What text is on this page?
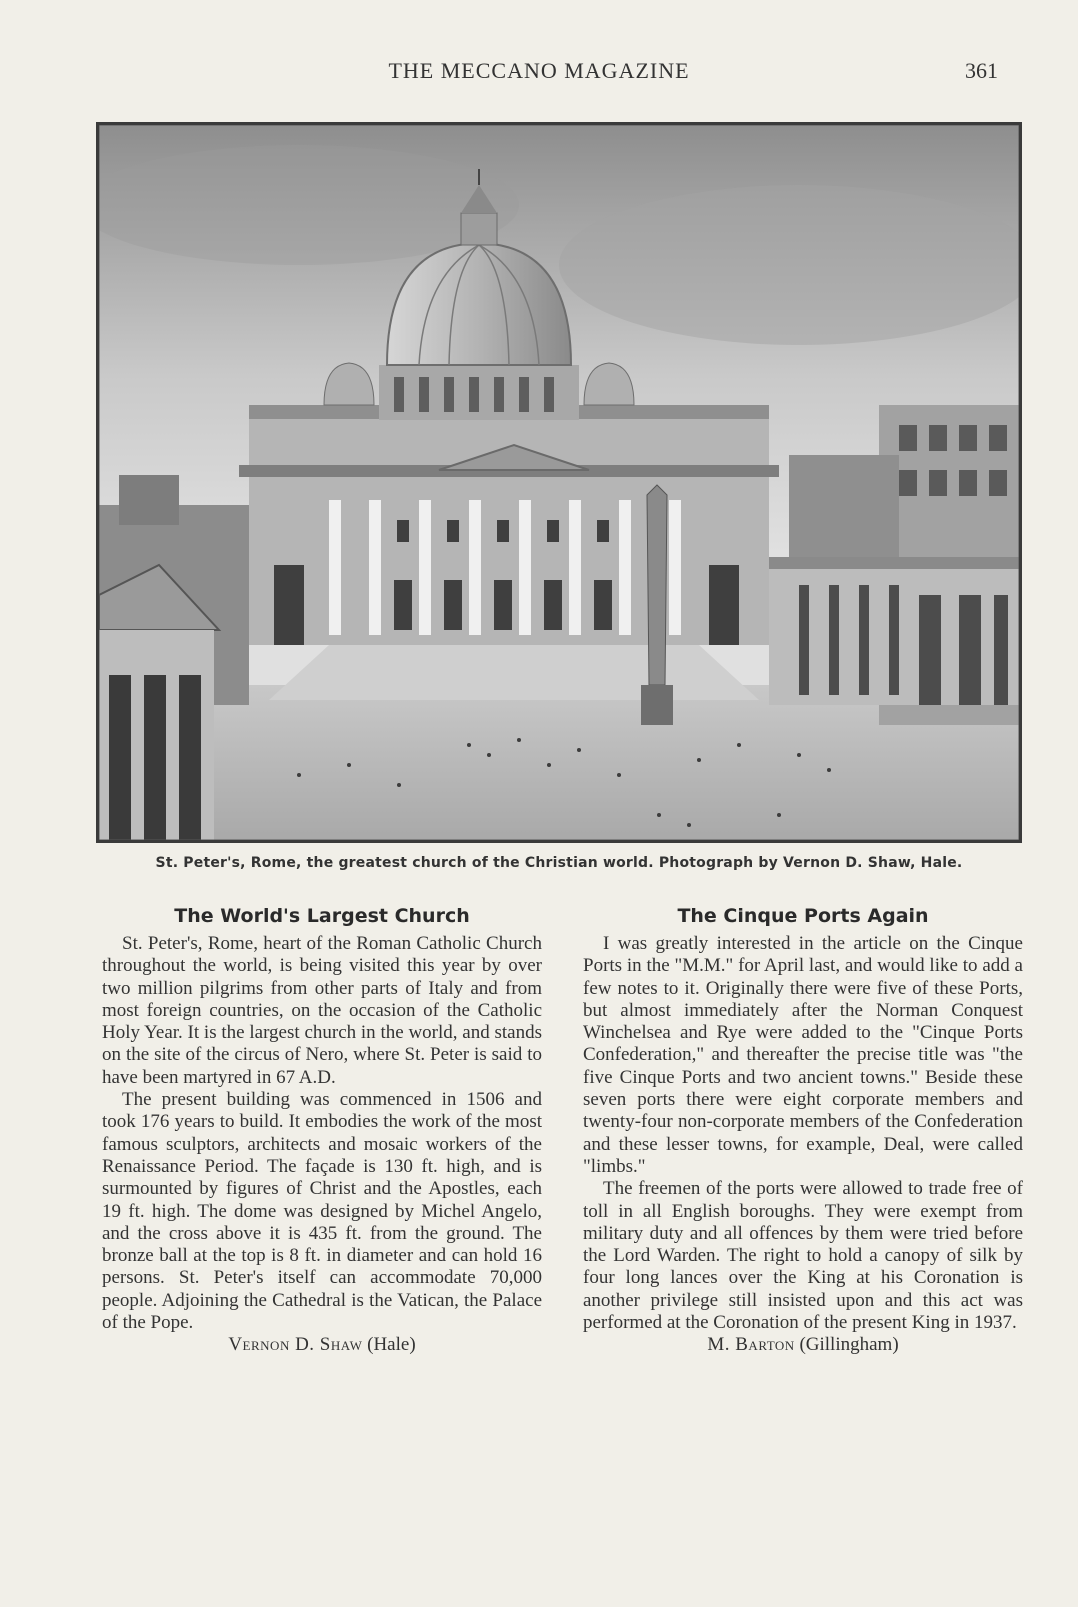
THE MECCANO MAGAZINE	361
St. Peter's, Rome, the greatest church of the Christian world. Photograph by Vernon D. Shaw, Hale.
The World's Largest Church

St. Peter's, Rome, heart of the Roman Catholic Church throughout the world, is being visited this year by over two million pilgrims from other parts of Italy and from most foreign countries, on the occasion of the Catholic Holy Year. It is the largest church in the world, and stands on the site of the circus of Nero, where St. Peter is said to have been martyred in 67 A.D.

The present building was commenced in 1506 and took 176 years to build. It embodies the work of the most famous sculptors, architects and mosaic workers of the Renaissance Period. The façade is 130 ft. high, and is surmounted by figures of Christ and the Apostles, each 19 ft. high. The dome was designed by Michel Angelo, and the cross above it is 435 ft. from the ground. The bronze ball at the top is 8 ft. in diameter and can hold 16 persons. St. Peter's itself can accommodate 70,000 people. Adjoining the Cathedral is the Vatican, the Palace of the Pope.

Vernon D. Shaw (Hale)
The Cinque Ports Again

I was greatly interested in the article on the Cinque Ports in the "M.M." for April last, and would like to add a few notes to it. Originally there were five of these Ports, but almost immediately after the Norman Conquest Winchelsea and Rye were added to the "Cinque Ports Confederation," and thereafter the precise title was "the five Cinque Ports and two ancient towns." Beside these seven ports there were eight corporate members and twenty-four non-corporate members of the Confederation and these lesser towns, for example, Deal, were called "limbs."

The freemen of the ports were allowed to trade free of toll in all English boroughs. They were exempt from military duty and all offences by them were tried before the Lord Warden. The right to hold a canopy of silk by four long lances over the King at his Coronation is another privilege still insisted upon and this act was performed at the Coronation of the present King in 1937.

M. Barton (Gillingham)
